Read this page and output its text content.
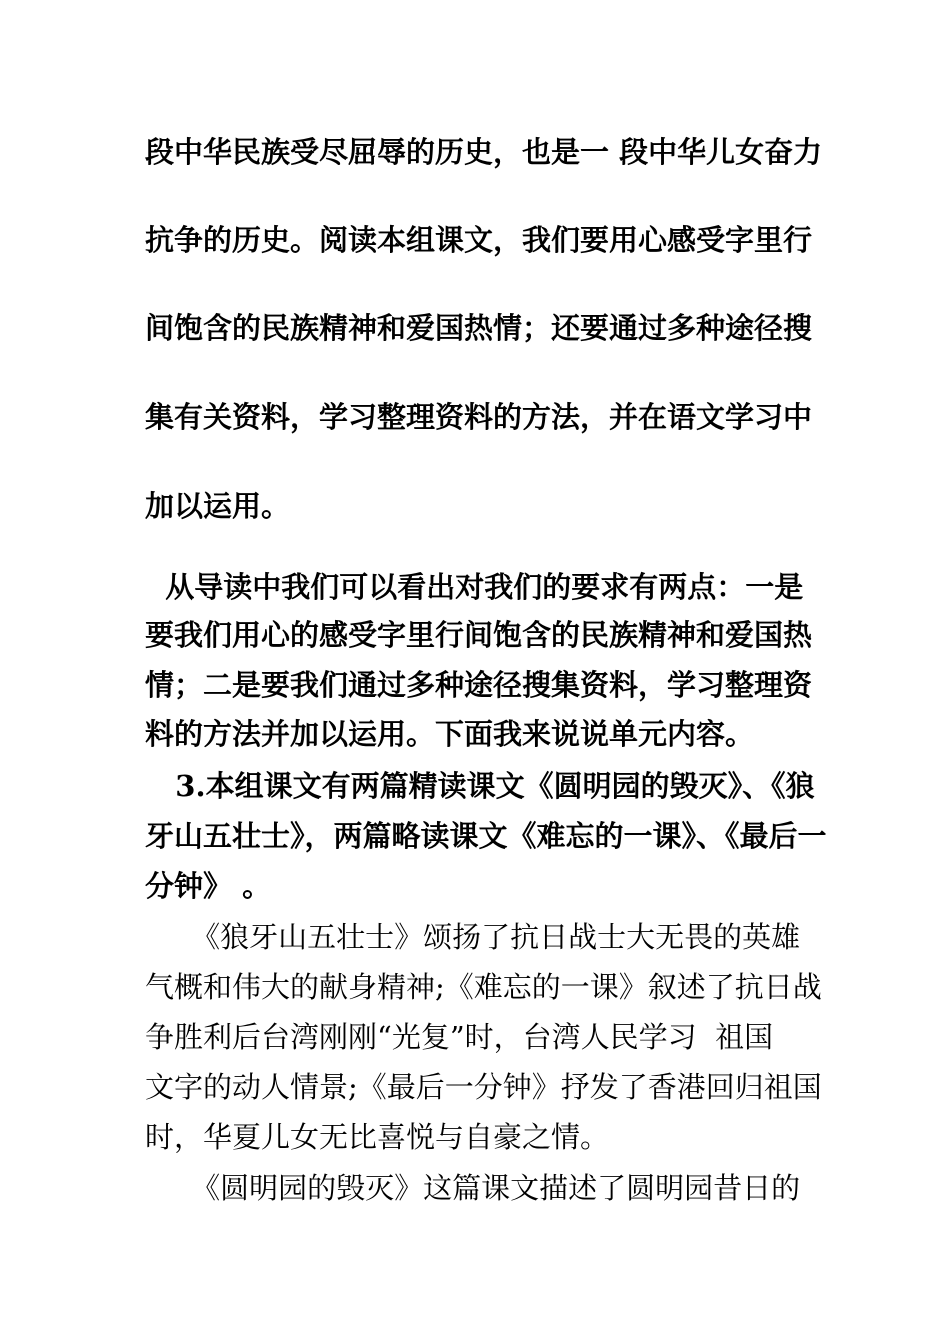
段中华民族受尽屈辱的历史，也是一 段中华儿女奋力

抗争的历史。阅读本组课文，我们要用心感受字里行

间饱含的民族精神和爱国热情；还要通过多种途径搜

集有关资料，学习整理资料的方法，并在语文学习中

加以运用。

从导读中我们可以看出对我们的要求有两点：一是

要我们用心的感受字里行间饱含的民族精神和爱国热

情；二是要我们通过多种途径搜集资料，学习整理资

料的方法并加以运用。下面我来说说单元内容。

3.本组课文有两篇精读课文《圆明园的毁灭》、《狼

牙山五壮士》，两篇略读课文《难忘的一课》、《最后一

分钟》 。

《狼牙山五壮士》颂扬了抗日战士大无畏的英雄

气概和伟大的献身精神;《难忘的一课》叙述了抗日战

争胜利后台湾刚刚“光复”时，台湾人民学习  祖国

文字的动人情景;《最后一分钟》抒发了香港回归祖国

时，华夏儿女无比喜悦与自豪之情。

《圆明园的毁灭》这篇课文描述了圆明园昔日的
